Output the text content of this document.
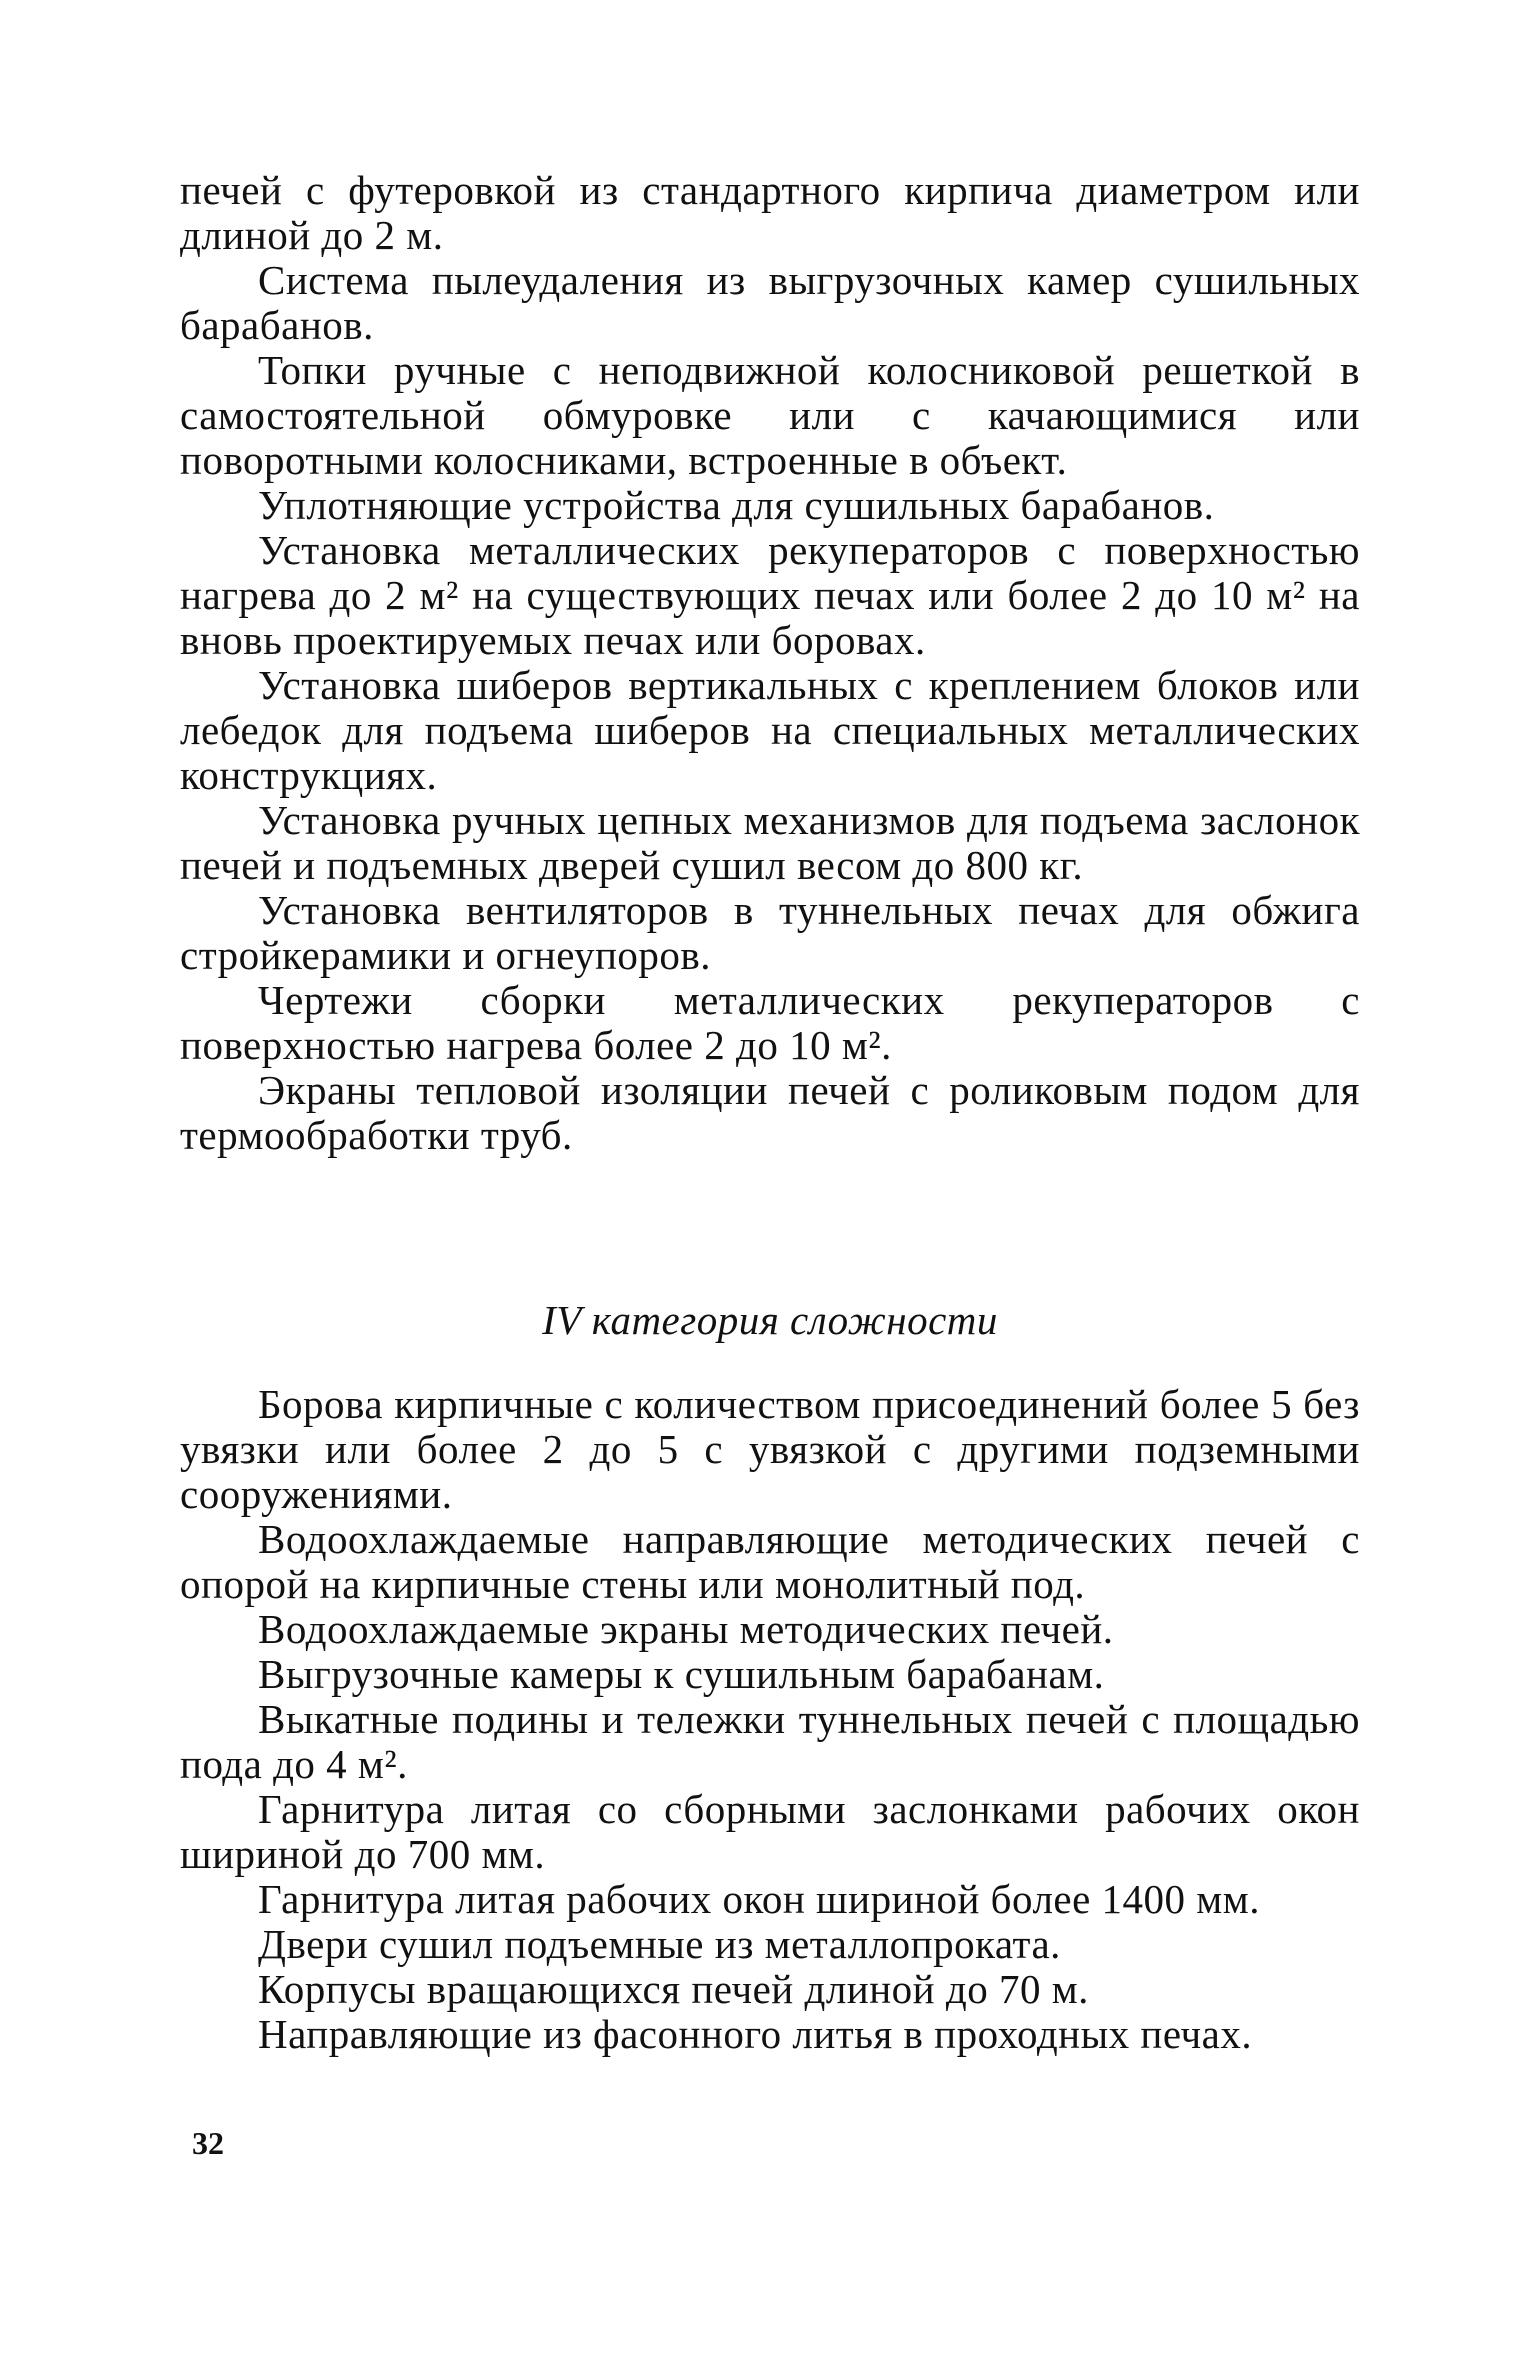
печей с футеровкой из стандартного кирпича диаметром или длиной до 2 м.

Система пылеудаления из выгрузочных камер сушильных барабанов.

Топки ручные с неподвижной колосниковой решеткой в самостоятельной обмуровке или с качающимися или поворотными колосниками, встроенные в объект.

Уплотняющие устройства для сушильных барабанов.

Установка металлических рекуператоров с поверхностью нагрева до 2 м² на существующих печах или более 2 до 10 м² на вновь проектируемых печах или боровах.

Установка шиберов вертикальных с креплением блоков или лебедок для подъема шиберов на специальных металлических конструкциях.

Установка ручных цепных механизмов для подъема заслонок печей и подъемных дверей сушил весом до 800 кг.

Установка вентиляторов в туннельных печах для обжига стройкерамики и огнеупоров.

Чертежи сборки металлических рекуператоров с поверхностью нагрева более 2 до 10 м².

Экраны тепловой изоляции печей с роликовым подом для термообработки труб.

IV категория сложности

Борова кирпичные с количеством присоединений более 5 без увязки или более 2 до 5 с увязкой с другими подземными сооружениями.

Водоохлаждаемые направляющие методических печей с опорой на кирпичные стены или монолитный под.

Водоохлаждаемые экраны методических печей.

Выгрузочные камеры к сушильным барабанам.

Выкатные подины и тележки туннельных печей с площадью пода до 4 м².

Гарнитура литая со сборными заслонками рабочих окон шириной до 700 мм.

Гарнитура литая рабочих окон шириной более 1400 мм.

Двери сушил подъемные из металлопроката.

Корпусы вращающихся печей длиной до 70 м.

Направляющие из фасонного литья в проходных печах.

32
